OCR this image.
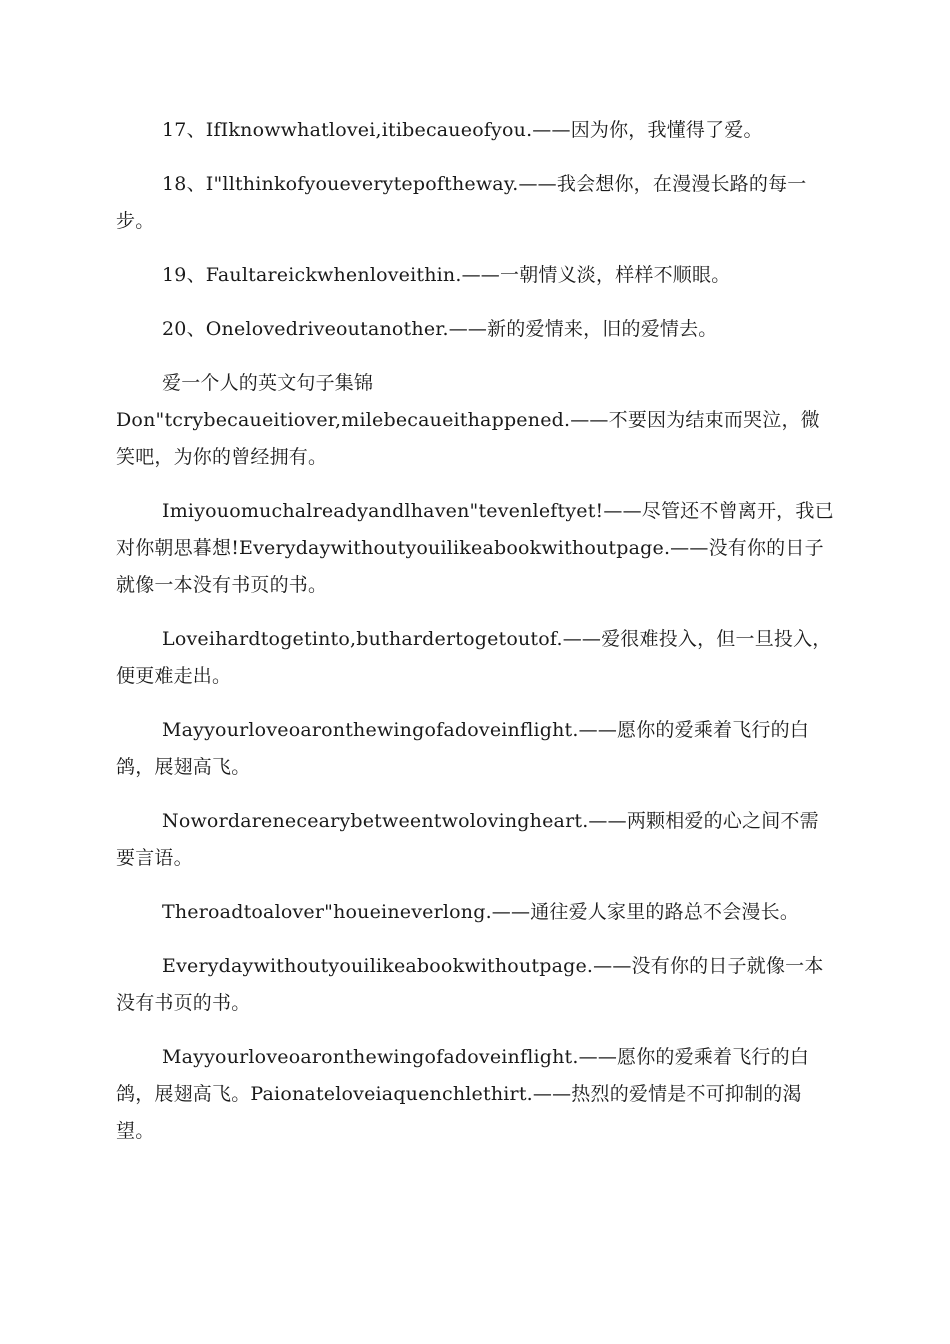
17、IfIknowwhatlovei,itibecaueofyou.——因为你，我懂得了爱。

18、I"llthinkofyoueverytepoftheway.——我会想你，在漫漫长路的每一步。

19、Faultareickwhenloveithin.——一朝情义淡，样样不顺眼。

20、Onelovedriveoutanother.——新的爱情来，旧的爱情去。

爱一个人的英文句子集锦

Don"tcrybecaueitiover,milebecaueithappened.——不要因为结束而哭泣，微笑吧，为你的曾经拥有。

Imiyouomuchalreadyandlhaven"tevenleftyet!——尽管还不曾离开，我已对你朝思暮想!Everydaywithoutyouilikeabookwithoutpage.——没有你的日子就像一本没有书页的书。

Loveihardtogetinto,buthardertogetoutof.——爱很难投入，但一旦投入，便更难走出。

Mayyourloveoaronthewingofadoveinflight.——愿你的爱乘着飞行的白鸽，展翅高飞。

Nowordarenecearybetweentwolovingheart.——两颗相爱的心之间不需要言语。

Theroadtoalover"houeineverlong.——通往爱人家里的路总不会漫长。

Everydaywithoutyouilikeabookwithoutpage.——没有你的日子就像一本没有书页的书。

Mayyourloveoaronthewingofadoveinflight.——愿你的爱乘着飞行的白鸽，展翅高飞。Paionateloveiaquenchlethirt.——热烈的爱情是不可抑制的渴望。
